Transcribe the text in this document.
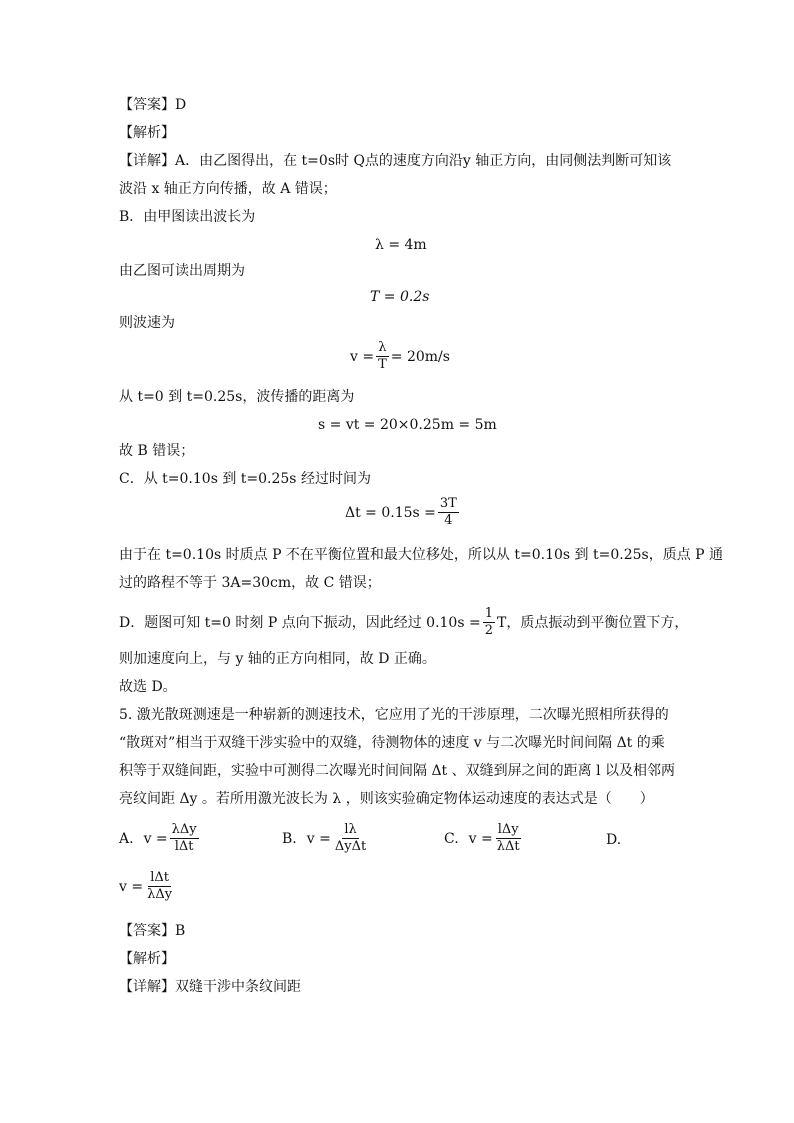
【答案】D
【解析】
【详解】A．由乙图得出，在 t=0s时 Q点的速度方向沿y 轴正方向，由同侧法判断可知该
波沿 x 轴正方向传播，故 A 错误；
B．由甲图读出波长为
λ = 4m
由乙图可读出周期为
T = 0.2s
则波速为
$v = \frac{\lambda}{T} = 20m/s$
从 t=0 到 t=0.25s，波传播的距离为
s = vt = 20×0.25m = 5m
故 B 错误；
C．从 t=0.10s 到 t=0.25s 经过时间为
$\Delta t = 0.15s = \frac{3T}{4}$
由于在 t=0.10s 时质点 P 不在平衡位置和最大位移处，所以从 t=0.10s 到 t=0.25s，质点 P 通
过的路程不等于 3A=30cm，故 C 错误；
D．题图可知 t=0 时刻 P 点向下振动，因此经过 $0.10s = \frac{1}{2}$ T，质点振动到平衡位置下方，
则加速度向上，与 y 轴的正方向相同，故 D 正确。
故选 D。
5. 激光散斑测速是一种崭新的测速技术，它应用了光的干涉原理，二次曝光照相所获得的
“散斑对”相当于双缝干涉实验中的双缝，待测物体的速度 v 与二次曝光时间间隔 Δt 的乘
积等于双缝间距，实验中可测得二次曝光时间间隔 Δt 、双缝到屏之间的距离 l 以及相邻两
亮纹间距 Δy 。若所用激光波长为 λ ，则该实验确定物体运动速度的表达式是（　　）
A. $v = \frac{\text{λΔy}}{\text{lΔt}}$	B. $v = \frac{l\lambda}{\text{ΔyΔt}}$	C. $v = \frac{\text{lΔy}}{\text{λΔt}}$	D.
$v = \frac{\text{lΔt}}{\text{λΔy}}$
【答案】B
【解析】
【详解】双缝干涉中条纹间距
